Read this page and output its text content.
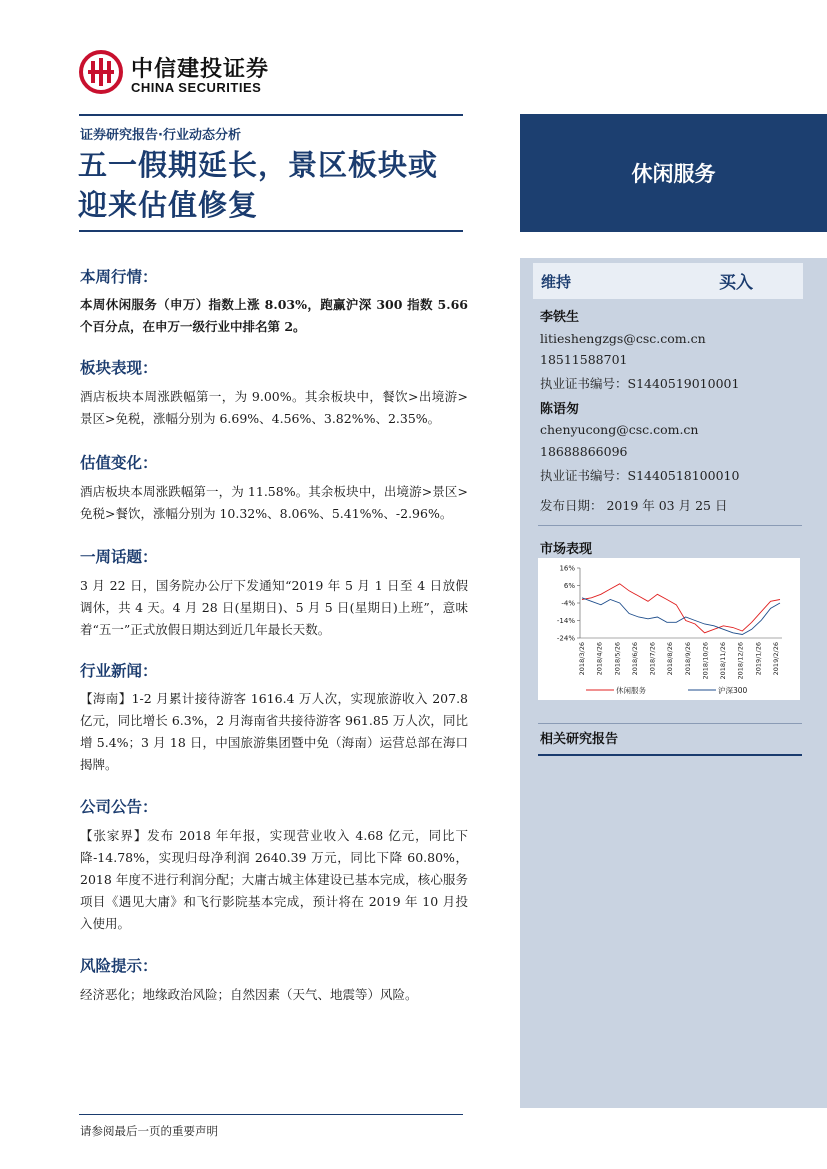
中信建投证券
CHINA SECURITIES
证券研究报告·行业动态分析
五一假期延长，景区板块或
迎来估值修复
休闲服务
维持	买入
李铁生
litieshengzgs@csc.com.cn
18511588701
执业证书编号：S1440519010001
陈语匆
chenyucong@csc.com.cn
18688866096
执业证书编号：S1440518100010
发布日期： 2019 年 03 月 25 日
市场表现
16%
6%
-4%
-14%
-24%
2018/3/26 2018/4/26 2018/5/26 2018/6/26 2018/7/26 2018/8/26 2018/9/26 2018/10/26 2018/11/26 2018/12/26 2019/1/26 2019/2/26
休闲服务	沪深300
相关研究报告
本周行情：
本周休闲服务（申万）指数上涨 8.03%，跑赢沪深 300 指数 5.66 个百分点，在申万一级行业中排名第 2。
板块表现：
酒店板块本周涨跌幅第一，为 9.00%。其余板块中，餐饮>出境游>景区>免税，涨幅分别为 6.69%、4.56%、3.82%%、2.35%。
估值变化：
酒店板块本周涨跌幅第一，为 11.58%。其余板块中，出境游>景区>免税>餐饮，涨幅分别为 10.32%、8.06%、5.41%%、-2.96%。
一周话题：
3 月 22 日，国务院办公厅下发通知“2019 年 5 月 1 日至 4 日放假调休，共 4 天。4 月 28 日(星期日)、5 月 5 日(星期日)上班”，意味着“五一”正式放假日期达到近几年最长天数。
行业新闻：
【海南】1-2 月累计接待游客 1616.4 万人次，实现旅游收入 207.8 亿元，同比增长 6.3%，2 月海南省共接待游客 961.85 万人次，同比增 5.4%；3 月 18 日，中国旅游集团暨中免（海南）运营总部在海口揭牌。
公司公告：
【张家界】发布 2018 年年报，实现营业收入 4.68 亿元，同比下降-14.78%，实现归母净利润 2640.39 万元，同比下降 60.80%，2018 年度不进行利润分配；大庸古城主体建设已基本完成，核心服务项目《遇见大庸》和飞行影院基本完成，预计将在 2019 年 10 月投入使用。
风险提示：
经济恶化；地缘政治风险；自然因素（天气、地震等）风险。
请参阅最后一页的重要声明
